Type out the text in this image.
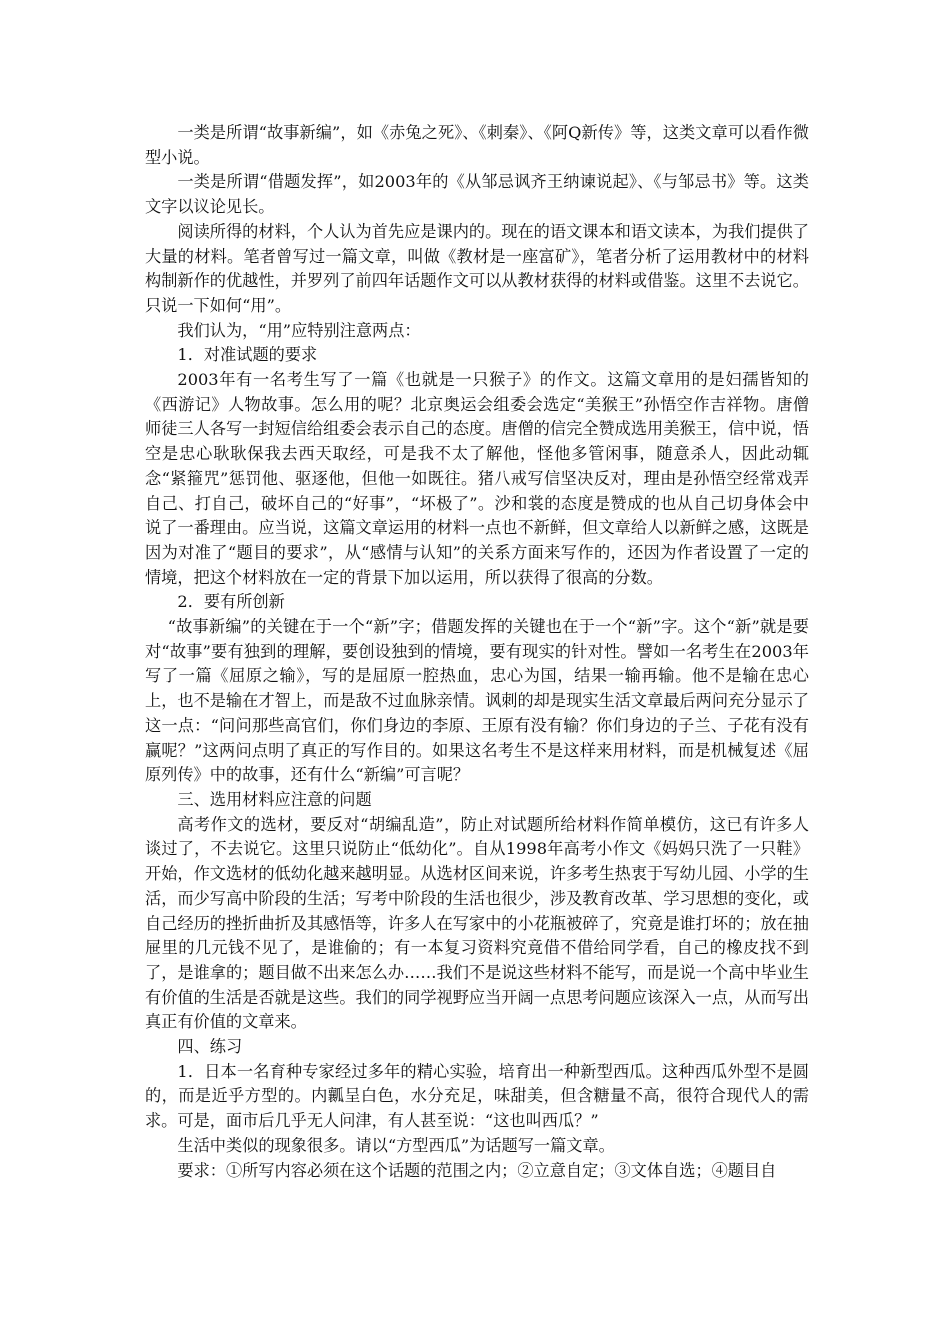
一类是所谓“故事新编”，如《赤兔之死》、《刺秦》、《阿Q新传》等，这类文章可以看作微型小说。

一类是所谓“借题发挥”，如2003年的《从邹忌讽齐王纳谏说起》、《与邹忌书》等。这类文字以议论见长。

阅读所得的材料，个人认为首先应是课内的。现在的语文课本和语文读本，为我们提供了大量的材料。笔者曾写过一篇文章，叫做《教材是一座富矿》，笔者分析了运用教材中的材料构制新作的优越性，并罗列了前四年话题作文可以从教材获得的材料或借鉴。这里不去说它。只说一下如何“用”。

我们认为，“用”应特别注意两点：

1．对准试题的要求

2003年有一名考生写了一篇《也就是一只猴子》的作文。这篇文章用的是妇孺皆知的《西游记》人物故事。怎么用的呢？北京奥运会组委会选定“美猴王”孙悟空作吉祥物。唐僧师徒三人各写一封短信给组委会表示自己的态度。唐僧的信完全赞成选用美猴王，信中说，悟空是忠心耿耿保我去西天取经，可是我不太了解他，怪他多管闲事，随意杀人，因此动辄念“紧箍咒”惩罚他、驱逐他，但他一如既往。猪八戒写信坚决反对，理由是孙悟空经常戏弄自己、打自己，破坏自己的“好事”，“坏极了”。沙和裳的态度是赞成的也从自己切身体会中说了一番理由。应当说，这篇文章运用的材料一点也不新鲜，但文章给人以新鲜之感，这既是因为对准了“题目的要求”，从“感情与认知”的关系方面来写作的，还因为作者设置了一定的情境，把这个材料放在一定的背景下加以运用，所以获得了很高的分数。

2．要有所创新

“故事新编”的关键在于一个“新”字；借题发挥的关键也在于一个“新”字。这个“新”就是要对“故事”要有独到的理解，要创设独到的情境，要有现实的针对性。譬如一名考生在2003年写了一篇《屈原之输》，写的是屈原一腔热血，忠心为国，结果一输再输。他不是输在忠心上，也不是输在才智上，而是敌不过血脉亲情。讽刺的却是现实生活文章最后两问充分显示了这一点：“问问那些高官们，你们身边的李原、王原有没有输？你们身边的子兰、子花有没有赢呢？”这两问点明了真正的写作目的。如果这名考生不是这样来用材料，而是机械复述《屈原列传》中的故事，还有什么“新编”可言呢？

三、选用材料应注意的问题

高考作文的选材，要反对“胡编乱造”，防止对试题所给材料作简单模仿，这已有许多人谈过了，不去说它。这里只说防止“低幼化”。自从1998年高考小作文《妈妈只洗了一只鞋》开始，作文选材的低幼化越来越明显。从选材区间来说，许多考生热衷于写幼儿园、小学的生活，而少写高中阶段的生活；写考中阶段的生活也很少，涉及教育改革、学习思想的变化，或自己经历的挫折曲折及其感悟等，许多人在写家中的小花瓶被碎了，究竟是谁打坏的；放在抽屉里的几元钱不见了，是谁偷的；有一本复习资料究竟借不借给同学看，自己的橡皮找不到了，是谁拿的；题目做不出来怎么办……我们不是说这些材料不能写，而是说一个高中毕业生有价值的生活是否就是这些。我们的同学视野应当开阔一点思考问题应该深入一点，从而写出真正有价值的文章来。

四、练习

1．日本一名育种专家经过多年的精心实验，培育出一种新型西瓜。这种西瓜外型不是圆的，而是近乎方型的。内瓤呈白色，水分充足，味甜美，但含糖量不高，很符合现代人的需求。可是，面市后几乎无人问津，有人甚至说：“这也叫西瓜？”

生活中类似的现象很多。请以“方型西瓜”为话题写一篇文章。

要求：①所写内容必须在这个话题的范围之内；②立意自定；③文体自选；④题目自
